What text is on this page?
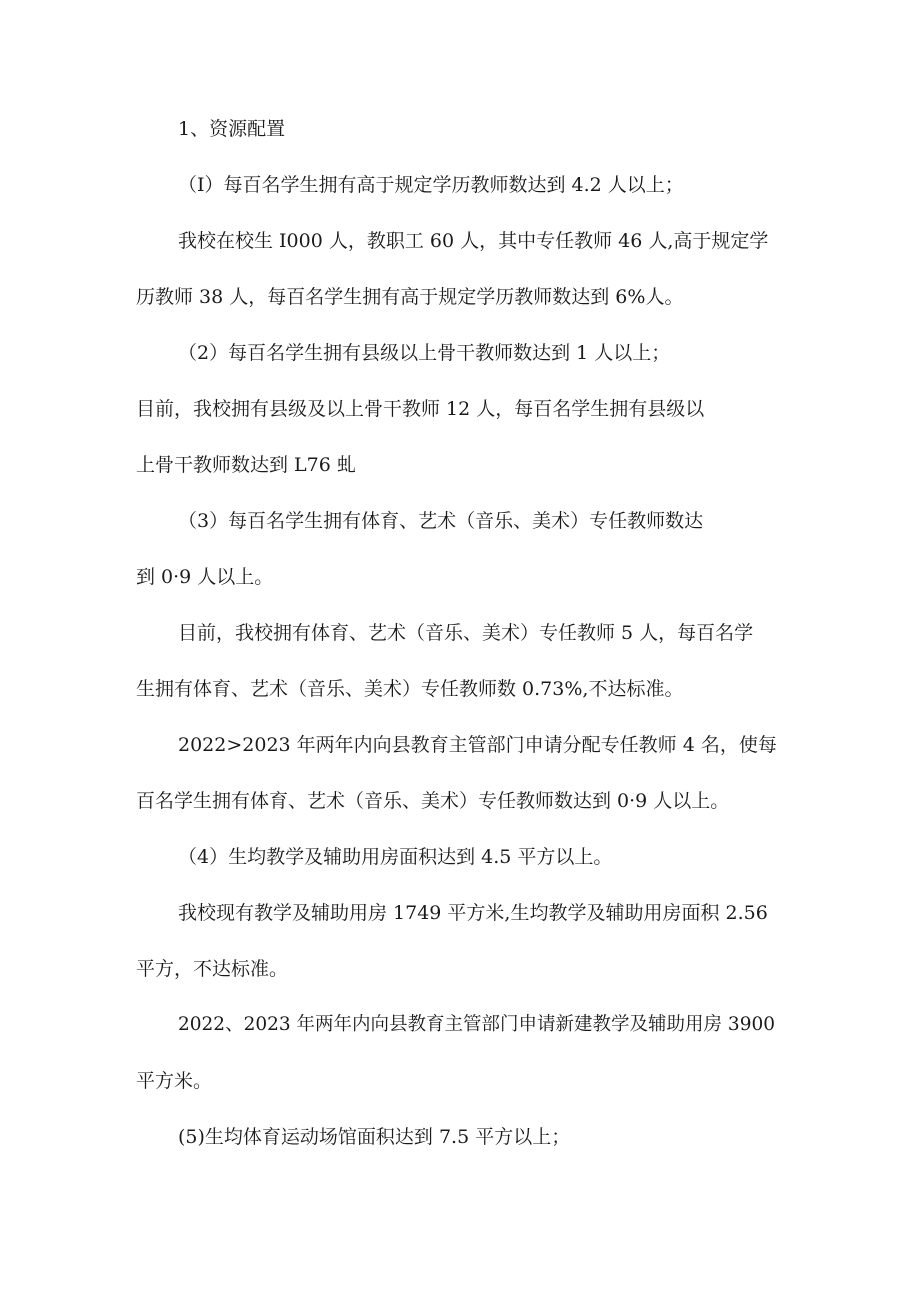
1、资源配置
（I）每百名学生拥有高于规定学历教师数达到 4.2 人以上；
我校在校生 I000 人，教职工 60 人，其中专任教师 46 人,高于规定学
历教师 38 人，每百名学生拥有高于规定学历教师数达到 6%人。
（2）每百名学生拥有县级以上骨干教师数达到 1 人以上；
目前，我校拥有县级及以上骨干教师 12 人，每百名学生拥有县级以
上骨干教师数达到 L76 虬
（3）每百名学生拥有体育、艺术（音乐、美术）专任教师数达
到 0·9 人以上。
目前，我校拥有体育、艺术（音乐、美术）专任教师 5 人，每百名学
生拥有体育、艺术（音乐、美术）专任教师数 0.73%,不达标准。
2022>2023 年两年内向县教育主管部门申请分配专任教师 4 名，使每
百名学生拥有体育、艺术（音乐、美术）专任教师数达到 0·9 人以上。
（4）生均教学及辅助用房面积达到 4.5 平方以上。
我校现有教学及辅助用房 1749 平方米,生均教学及辅助用房面积 2.56
平方，不达标准。
2022、2023 年两年内向县教育主管部门申请新建教学及辅助用房 3900
平方米。
(5)生均体育运动场馆面积达到 7.5 平方以上；
